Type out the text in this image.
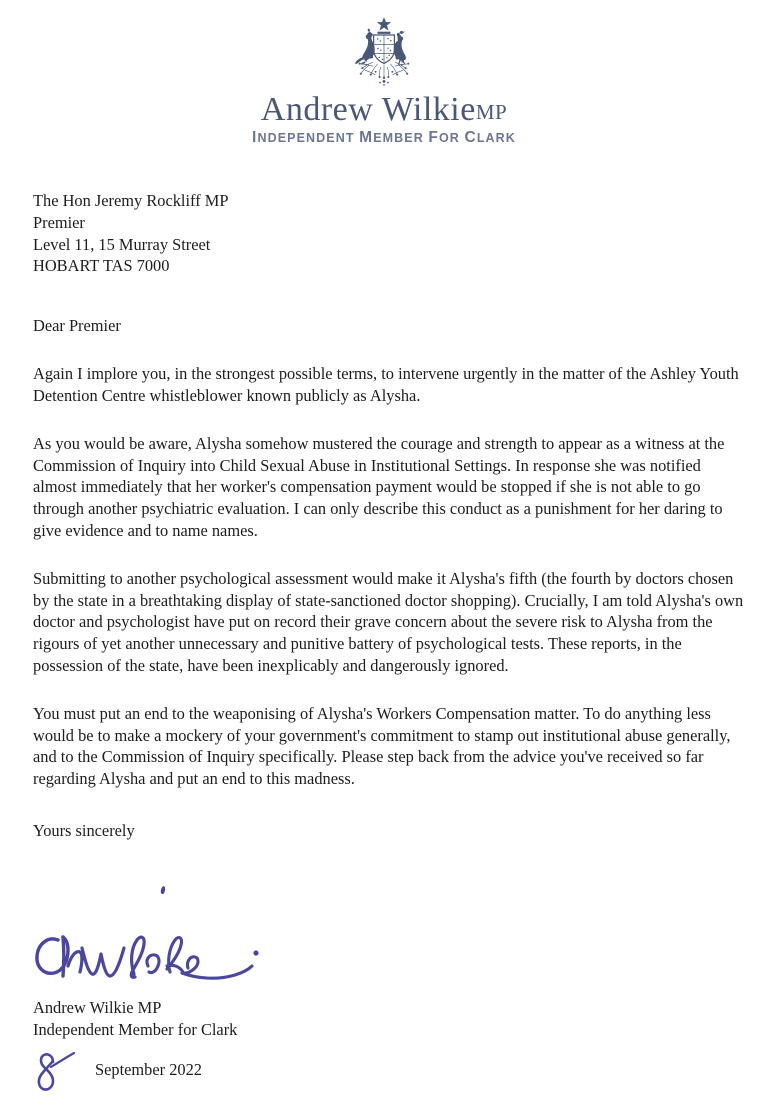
Andrew WilkieMP
INDEPENDENT MEMBER FOR CLARK
The Hon Jeremy Rockliff MP
Premier
Level 11, 15 Murray Street
HOBART TAS 7000
Dear Premier

Again I implore you, in the strongest possible terms, to intervene urgently in the matter of the Ashley Youth Detention Centre whistleblower known publicly as Alysha.

As you would be aware, Alysha somehow mustered the courage and strength to appear as a witness at the Commission of Inquiry into Child Sexual Abuse in Institutional Settings. In response she was notified almost immediately that her worker's compensation payment would be stopped if she is not able to go through another psychiatric evaluation. I can only describe this conduct as a punishment for her daring to give evidence and to name names.

Submitting to another psychological assessment would make it Alysha's fifth (the fourth by doctors chosen by the state in a breathtaking display of state-sanctioned doctor shopping). Crucially, I am told Alysha's own doctor and psychologist have put on record their grave concern about the severe risk to Alysha from the rigours of yet another unnecessary and punitive battery of psychological tests. These reports, in the possession of the state, have been inexplicably and dangerously ignored.

You must put an end to the weaponising of Alysha's Workers Compensation matter. To do anything less would be to make a mockery of your government's commitment to stamp out institutional abuse generally, and to the Commission of Inquiry specifically. Please step back from the advice you've received so far regarding Alysha and put an end to this madness.

Yours sincerely
Andrew Wilkie MP
Independent Member for Clark
September 2022
